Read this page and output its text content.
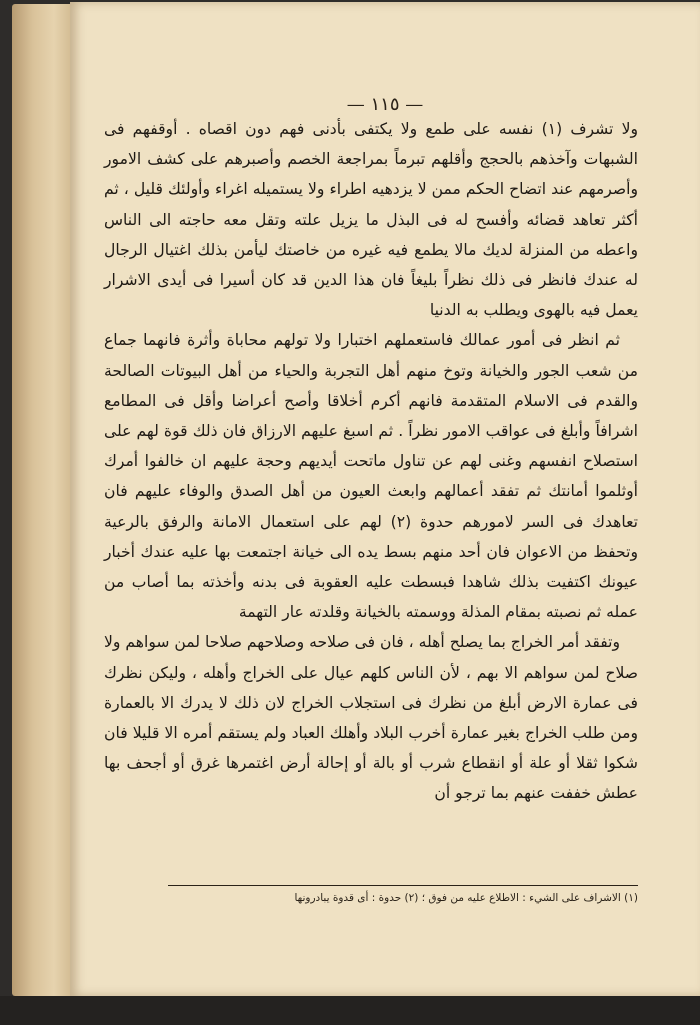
— ١١٥ —

ولا تشرف (١) نفسه على طمع ولا يكتفى بأدنى فهم دون اقصاه . أوقفهم فى الشبهات وآخذهم بالحجج وأقلهم تبرماً بمراجعة الخصم وأصبرهم على كشف الامور وأصرمهم عند اتضاح الحكم ممن لا يزدهيه اطراء ولا يستميله اغراء وأولئك قليل ، ثم أكثر تعاهد قضائه وأفسح له فى البذل ما يزيل علته وتقل معه حاجته الى الناس واعطه من المنزلة لديك مالا يطمع فيه غيره من خاصتك ليأمن بذلك اغتيال الرجال له عندك فانظر فى ذلك نظراً بليغاً فان هذا الدين قد كان أسيرا فى أيدى الاشرار يعمل فيه بالهوى ويطلب به الدنيا

ثم انظر فى أمور عمالك فاستعملهم اختبارا ولا تولهم محاباة وأثرة فانهما جماع من شعب الجور والخيانة وتوخ منهم أهل التجربة والحياء من أهل البيوتات الصالحة والقدم فى الاسلام المتقدمة فانهم أكرم أخلاقا وأصح أعراضا وأقل فى المطامع اشرافاً وأبلغ فى عواقب الامور نظراً . ثم اسبغ عليهم الارزاق فان ذلك قوة لهم على استصلاح انفسهم وغنى لهم عن تناول ماتحت أيديهم وحجة عليهم ان خالفوا أمرك أوثلموا أمانتك ثم تفقد أعمالهم وابعث العيون من أهل الصدق والوفاء عليهم فان تعاهدك فى السر لامورهم حدوة (٢) لهم على استعمال الامانة والرفق بالرعية وتحفظ من الاعوان فان أحد منهم بسط يده الى خيانة اجتمعت بها عليه عندك أخبار عيونك اكتفيت بذلك شاهدا فبسطت عليه العقوبة فى بدنه وأخذته بما أصاب من عمله ثم نصبته بمقام المذلة ووسمته بالخيانة وقلدته عار التهمة

وتفقد أمر الخراج بما يصلح أهله ، فان فى صلاحه وصلاحهم صلاحا لمن سواهم ولا صلاح لمن سواهم الا بهم ، لأن الناس كلهم عيال على الخراج وأهله ، وليكن نظرك فى عمارة الارض أبلغ من نظرك فى استجلاب الخراج لان ذلك لا يدرك الا بالعمارة ومن طلب الخراج بغير عمارة أخرب البلاد وأهلك العباد ولم يستقم أمره الا قليلا فان شكوا ثقلا أو علة أو انقطاع شرب أو بالة أو إحالة أرض اغتمرها غرق أو أجحف بها عطش خففت عنهم بما ترجو أن

(١) الاشراف على الشيء : الاطلاع عليه من فوق ؛ (٢) حدوة : أى قدوة يبادرونها
